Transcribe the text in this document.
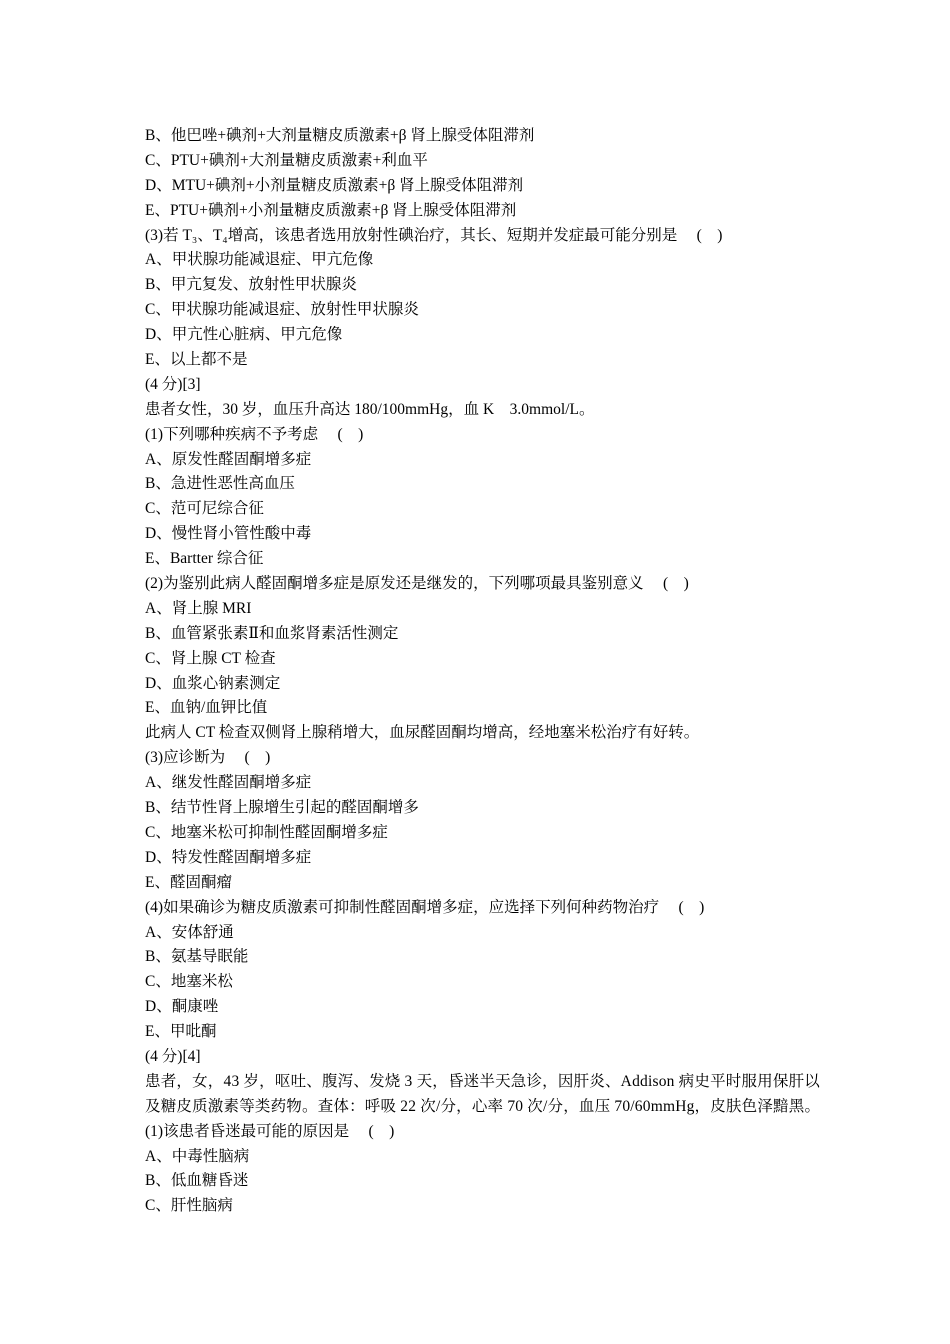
B、他巴唑+碘剂+大剂量糖皮质激素+β 肾上腺受体阻滞剂
C、PTU+碘剂+大剂量糖皮质激素+利血平
D、MTU+碘剂+小剂量糖皮质激素+β 肾上腺受体阻滞剂
E、PTU+碘剂+小剂量糖皮质激素+β 肾上腺受体阻滞剂
(3)若 T₃、T₄增高，该患者选用放射性碘治疗，其长、短期并发症最可能分别是　 (　)
A、甲状腺功能减退症、甲亢危像
B、甲亢复发、放射性甲状腺炎
C、甲状腺功能减退症、放射性甲状腺炎
D、甲亢性心脏病、甲亢危像
E、以上都不是
(4 分)[3]
患者女性，30 岁，血压升高达 180/100mmHg，血 K　3.0mmol/L。
(1)下列哪种疾病不予考虑　 (　)
A、原发性醛固酮增多症
B、急进性恶性高血压
C、范可尼综合征
D、慢性肾小管性酸中毒
E、Bartter 综合征
(2)为鉴别此病人醛固酮增多症是原发还是继发的，下列哪项最具鉴别意义　 (　)
A、肾上腺 MRI
B、血管紧张素Ⅱ和血浆肾素活性测定
C、肾上腺 CT 检查
D、血浆心钠素测定
E、血钠/血钾比值
此病人 CT 检查双侧肾上腺稍增大，血尿醛固酮均增高，经地塞米松治疗有好转。
(3)应诊断为　 (　)
A、继发性醛固酮增多症
B、结节性肾上腺增生引起的醛固酮增多
C、地塞米松可抑制性醛固酮增多症
D、特发性醛固酮增多症
E、醛固酮瘤
(4)如果确诊为糖皮质激素可抑制性醛固酮增多症，应选择下列何种药物治疗　 (　)
A、安体舒通
B、氨基导眠能
C、地塞米松
D、酮康唑
E、甲吡酮
(4 分)[4]
患者，女，43 岁，呕吐、腹泻、发烧 3 天，昏迷半天急诊，因肝炎、Addison 病史平时服用保肝以
及糖皮质激素等类药物。查体：呼吸 22 次/分，心率 70 次/分，血压 70/60mmHg，皮肤色泽黯黑。
(1)该患者昏迷最可能的原因是　 (　)
A、中毒性脑病
B、低血糖昏迷
C、肝性脑病
